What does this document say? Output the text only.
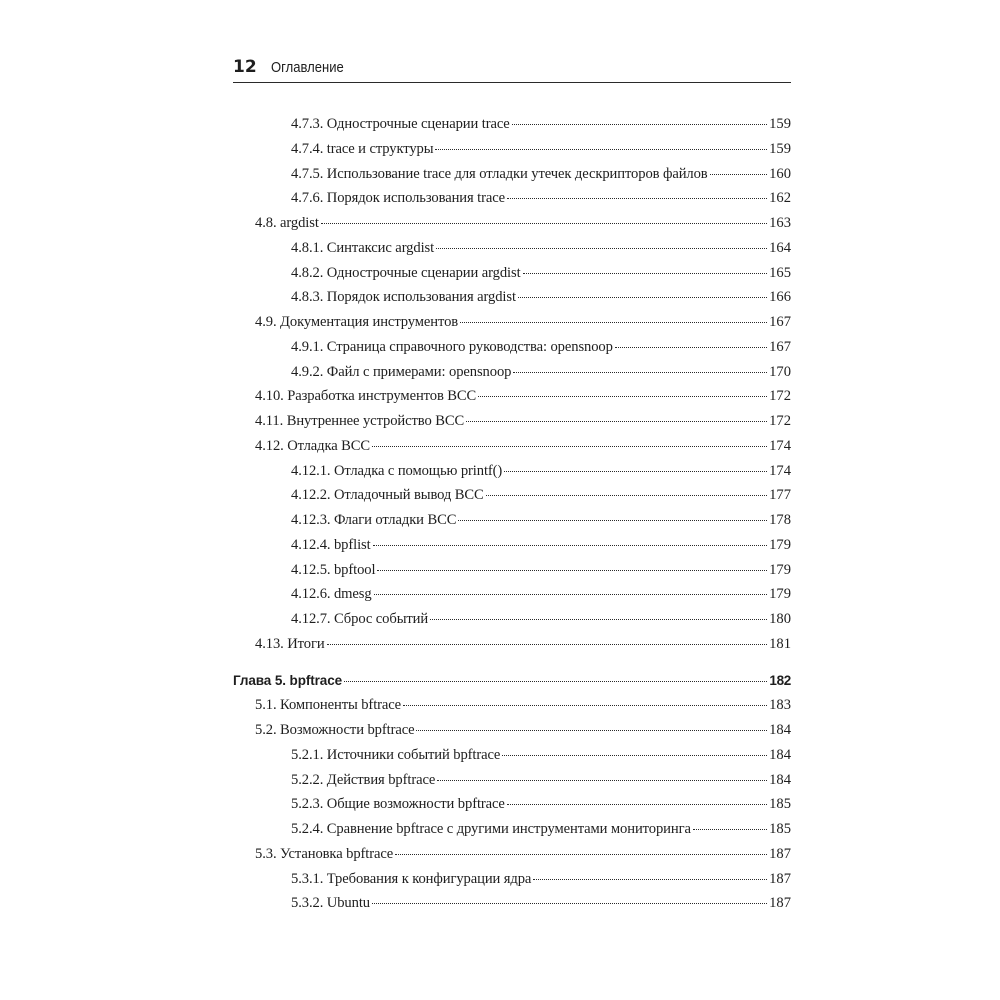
12 Оглавление
4.7.3. Однострочные сценарии trace	159
4.7.4. trace и структуры	159
4.7.5. Использование trace для отладки утечек дескрипторов файлов	160
4.7.6. Порядок использования trace	162
4.8. argdist	163
4.8.1. Синтаксис argdist	164
4.8.2. Однострочные сценарии argdist	165
4.8.3. Порядок использования argdist	166
4.9. Документация инструментов	167
4.9.1. Страница справочного руководства: opensnoop	167
4.9.2. Файл с примерами: opensnoop	170
4.10. Разработка инструментов BCC	172
4.11. Внутреннее устройство BCC	172
4.12. Отладка BCC	174
4.12.1. Отладка с помощью printf()	174
4.12.2. Отладочный вывод BCC	177
4.12.3. Флаги отладки BCC	178
4.12.4. bpflist	179
4.12.5. bpftool	179
4.12.6. dmesg	179
4.12.7. Сброс событий	180
4.13. Итоги	181
Глава 5. bpftrace	182
5.1. Компоненты bftrace	183
5.2. Возможности bpftrace	184
5.2.1. Источники событий bpftrace	184
5.2.2. Действия bpftrace	184
5.2.3. Общие возможности bpftrace	185
5.2.4. Сравнение bpftrace с другими инструментами мониторинга	185
5.3. Установка bpftrace	187
5.3.1. Требования к конфигурации ядра	187
5.3.2. Ubuntu	187
